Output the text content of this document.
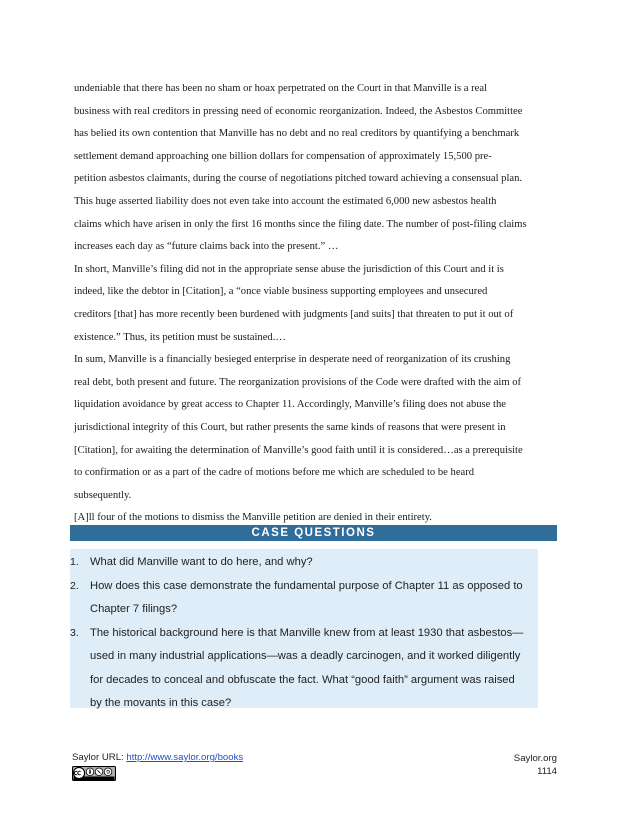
undeniable that there has been no sham or hoax perpetrated on the Court in that Manville is a real

business with real creditors in pressing need of economic reorganization. Indeed, the Asbestos Committee

has belied its own contention that Manville has no debt and no real creditors by quantifying a benchmark

settlement demand approaching one billion dollars for compensation of approximately 15,500 pre-

petition asbestos claimants, during the course of negotiations pitched toward achieving a consensual plan.

This huge asserted liability does not even take into account the estimated 6,000 new asbestos health

claims which have arisen in only the first 16 months since the filing date. The number of post-filing claims

increases each day as “future claims back into the present.” …

In short, Manville’s filing did not in the appropriate sense abuse the jurisdiction of this Court and it is

indeed, like the debtor in [Citation], a “once viable business supporting employees and unsecured

creditors [that] has more recently been burdened with judgments [and suits] that threaten to put it out of

existence.” Thus, its petition must be sustained.…

In sum, Manville is a financially besieged enterprise in desperate need of reorganization of its crushing

real debt, both present and future. The reorganization provisions of the Code were drafted with the aim of

liquidation avoidance by great access to Chapter 11. Accordingly, Manville’s filing does not abuse the

jurisdictional integrity of this Court, but rather presents the same kinds of reasons that were present in

[Citation], for awaiting the determination of Manville’s good faith until it is considered…as a prerequisite

to confirmation or as a part of the cadre of motions before me which are scheduled to be heard

subsequently.

[A]ll four of the motions to dismiss the Manville petition are denied in their entirety.

CASE QUESTIONS
1.	What did Manville want to do here, and why?
2.	How does this case demonstrate the fundamental purpose of Chapter 11 as opposed to
Chapter 7 filings?
3.	The historical background here is that Manville knew from at least 1930 that asbestos—
used in many industrial applications—was a deadly carcinogen, and it worked diligently
for decades to conceal and obfuscate the fact. What “good faith” argument was raised
by the movants in this case?
Saylor URL: http://www.saylor.org/books	Saylor.org
1114
